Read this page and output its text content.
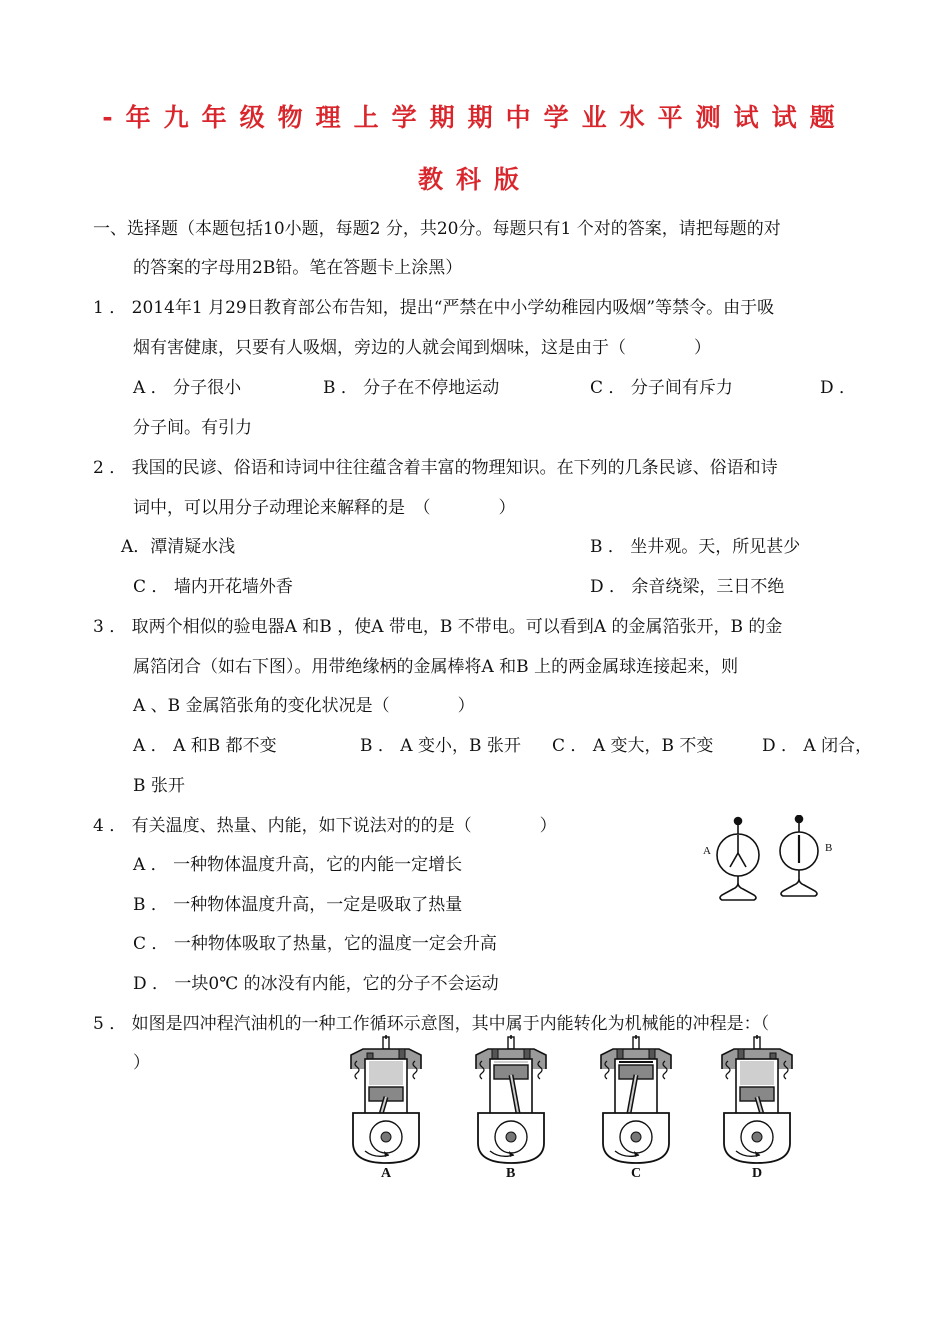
-年九年级物理上学期期中学业水平测试试题
教科版
一、选择题（本题包括10小题，每题2 分，共20分。每题只有1 个对的答案，请把每题的对
的答案的字母用2B铅。笔在答题卡上涂黑）
1 ． 2014年1 月29日教育部公布告知，提出“严禁在中小学幼稚园内吸烟”等禁令。由于吸
烟有害健康，只要有人吸烟，旁边的人就会闻到烟味，这是由于（　　　　）
A ． 分子很小	B ． 分子在不停地运动	C ． 分子间有斥力	D ．
分子间。有引力
2 ． 我国的民谚、俗语和诗词中往往蕴含着丰富的物理知识。在下列的几条民谚、俗语和诗
词中，可以用分子动理论来解释的是　（　　　　）
A．潭清疑水浅	B ． 坐井观。天，所见甚少
C ． 墙内开花墙外香	D ． 余音绕梁，三日不绝
3 ． 取两个相似的验电器A 和B ，使A 带电，B 不带电。可以看到A 的金属箔张开，B 的金
属箔闭合（如右下图）。用带绝缘柄的金属棒将A 和B 上的两金属球连接起来，则
A 、B 金属箔张角的变化状况是（　　　　）
A ． A 和B 都不变	B ． A 变小，B 张开 C ． A 变大，B 不变	D ． A 闭合，
B 张开
4 ． 有关温度、热量、内能，如下说法对的的是（　　　　）
A ． 一种物体温度升高，它的内能一定增长
B ． 一种物体温度升高，一定是吸取了热量
C ． 一种物体吸取了热量，它的温度一定会升高
D ． 一块0℃ 的冰没有内能，它的分子不会运动
A	B
5 ． 如图是四冲程汽油机的一种工作循环示意图，其中属于内能转化为机械能的冲程是：（
）
A	B	C	D
